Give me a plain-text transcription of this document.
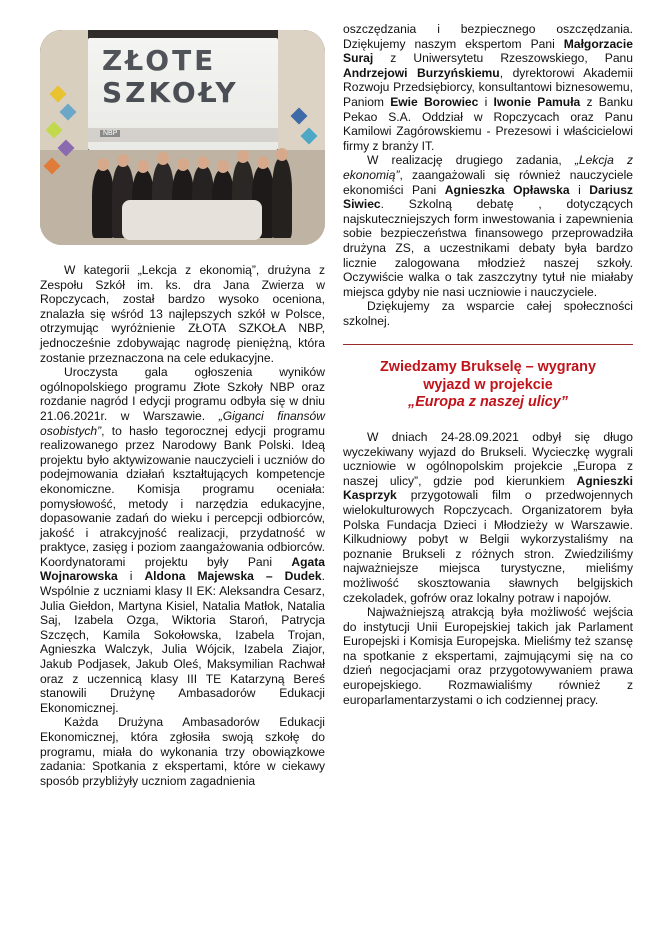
ZŁOTE
SZKOŁY
NBP

W kategorii „Lekcja z ekonomią”, drużyna z Zespołu Szkół im. ks. dra Jana Zwierza w Ropczycach, został bardzo wysoko oceniona, znalazła się wśród 13 najlepszych szkół w Polsce, otrzymując wyróżnienie ZŁOTA SZKOŁA NBP, jednocześnie zdobywając nagrodę pieniężną, która zostanie przeznaczona na cele edukacyjne.

Uroczysta gala ogłoszenia wyników ogólnopolskiego programu Złote Szkoły NBP oraz rozdanie nagród I edycji programu odbyła się w dniu 21.06.2021r. w Warszawie. „Giganci finansów osobistych”, to hasło tegorocznej edycji programu realizowanego przez Narodowy Bank Polski. Ideą projektu było aktywizowanie nauczycieli i uczniów do podejmowania działań kształtujących kompetencje ekonomiczne. Komisja programu oceniała: pomysłowość, metody i narzędzia edukacyjne, dopasowanie zadań do wieku i percepcji odbiorców, jakość i atrakcyjność realizacji, przydatność w praktyce, zasięg i poziom zaangażowania odbiorców. Koordynatorami projektu były Pani Agata Wojnarowska i Aldona Majewska – Dudek. Wspólnie z uczniami klasy II EK: Aleksandra Cesarz, Julia Giełdon, Martyna Kisiel, Natalia Matłok, Natalia Saj, Izabela Ozga, Wiktoria Staroń, Patrycja Szczęch, Kamila Sokołowska, Izabela Trojan, Agnieszka Walczyk, Julia Wójcik, Izabela Ziajor, Jakub Podjasek, Jakub Oleś, Maksymilian Rachwał oraz z uczennicą klasy III TE Katarzyną Bereś stanowili Drużynę Ambasadorów Edukacji Ekonomicznej.

Każda Drużyna Ambasadorów Edukacji Ekonomicznej, która zgłosiła swoją szkołę do programu, miała do wykonania trzy obowiązkowe zadania: Spotkania z ekspertami, które w ciekawy sposób przybliżyły uczniom zagadnienia

oszczędzania i bezpiecznego oszczędzania. Dziękujemy naszym ekspertom Pani Małgorzacie Suraj z Uniwersytetu Rzeszowskiego, Panu Andrzejowi Burzyńskiemu, dyrektorowi Akademii Rozwoju Przedsiębiorcy, konsultantowi biznesowemu, Paniom Ewie Borowiec i Iwonie Pamuła z Banku Pekao S.A. Oddział w Ropczycach oraz Panu Kamilowi Zagórowskiemu - Prezesowi i właścicielowi firmy z branży IT.

W realizację drugiego zadania, „Lekcja z ekonomią”, zaangażowali się również nauczyciele ekonomiści Pani Agnieszka Opławska i Dariusz Siwiec. Szkolną debatę , dotyczących najskuteczniejszych form inwestowania i zapewnienia sobie bezpieczeństwa finansowego przeprowadziła drużyna ZS, a uczestnikami debaty była bardzo licznie zalogowana młodzież naszej szkoły. Oczywiście walka o tak zaszczytny tytuł nie miałaby miejsca gdyby nie nasi uczniowie i nauczyciele.

Dziękujemy za wsparcie całej społeczności szkolnej.

Zwiedzamy Brukselę – wygrany
wyjazd w projekcie
„Europa z naszej ulicy”

W dniach 24-28.09.2021 odbył się długo wyczekiwany wyjazd do Brukseli. Wycieczkę wygrali uczniowie w ogólnopolskim projekcie „Europa z naszej ulicy”, gdzie pod kierunkiem Agnieszki Kasprzyk przygotowali film o przedwojennych wielokulturowych Ropczycach. Organizatorem była Polska Fundacja Dzieci i Młodzieży w Warszawie. Kilkudniowy pobyt w Belgii wykorzystaliśmy na poznanie Brukseli z różnych stron. Zwiedziliśmy najważniejsze miejsca turystyczne, mieliśmy możliwość skosztowania sławnych belgijskich czekoladek, gofrów oraz lokalny potraw i napojów.

Najważniejszą atrakcją była możliwość wejścia do instytucji Unii Europejskiej takich jak Parlament Europejski i Komisja Europejska. Mieliśmy też szansę na spotkanie z ekspertami, zajmującymi się na co dzień negocjacjami oraz przygotowywaniem prawa europejskiego. Rozmawialiśmy również z europarlamentarzystami o ich codziennej pracy.
